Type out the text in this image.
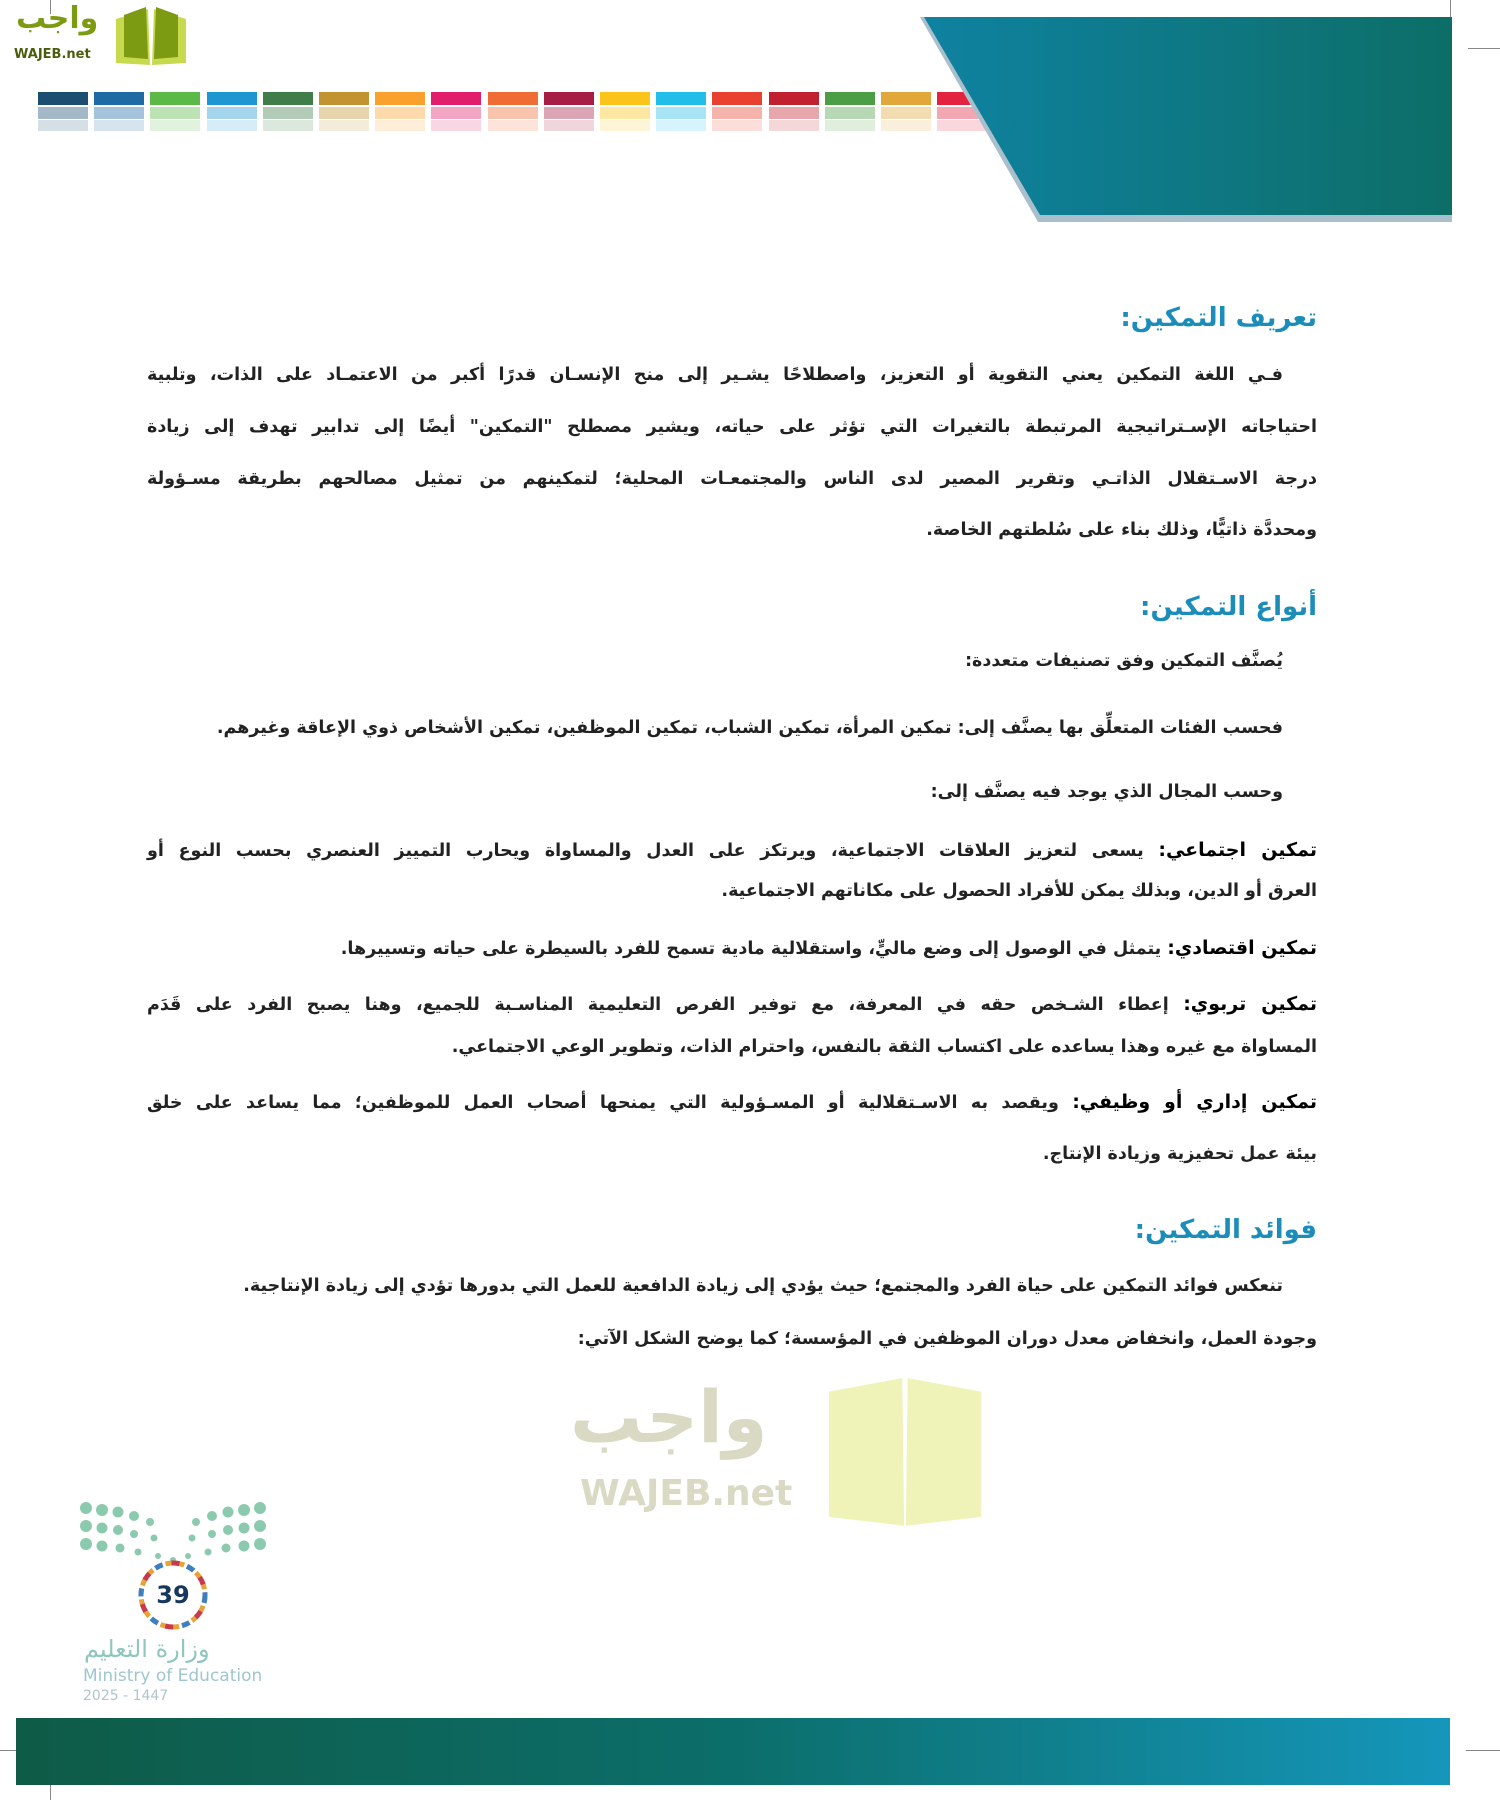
واجب
WAJEB.net
واجب
WAJEB.net
تعريف التمكين:
فـي اللغة التمكين يعني التقوية أو التعزيز، واصطلاحًا يشـير إلى منح الإنسـان قدرًا أكبر من الاعتمـاد على الذات، وتلبية
احتياجاته الإسـتراتيجية المرتبطة بالتغيرات التي تؤثر على حياته، ويشير مصطلح "التمكين" أيضًا إلى تدابير تهدف إلى زيادة
درجة الاسـتقلال الذاتـي وتقرير المصير لدى الناس والمجتمعـات المحلية؛ لتمكينهم من تمثيل مصالحهم بطريقة مسـؤولة
ومحددَّة ذاتيًّا، وذلك بناء على سُلطتهم الخاصة.
أنواع التمكين:
يُصنَّف التمكين وفق تصنيفات متعددة:
فحسب الفئات المتعلِّق بها يصنَّف إلى: تمكين المرأة، تمكين الشباب، تمكين الموظفين، تمكين الأشخاص ذوي الإعاقة وغيرهم.
وحسب المجال الذي يوجد فيه يصنَّف إلى:
تمكين اجتماعي: يسعى لتعزيز العلاقات الاجتماعية، ويرتكز على العدل والمساواة ويحارب التمييز العنصري بحسب النوع أو
العرق أو الدين، وبذلك يمكن للأفراد الحصول على مكاناتهم الاجتماعية.
تمكين اقتصادي: يتمثل في الوصول إلى وضع ماليٍّ، واستقلالية مادية تسمح للفرد بالسيطرة على حياته وتسييرها.
تمكين تربوي: إعطاء الشـخص حقه في المعرفة، مع توفير الفرص التعليمية المناسـبة للجميع، وهنا يصبح الفرد على قَدَم
المساواة مع غيره وهذا يساعده على اكتساب الثقة بالنفس، واحترام الذات، وتطوير الوعي الاجتماعي.
تمكين إداري أو وظيفي: ويقصد به الاسـتقلالية أو المسـؤولية التي يمنحها أصحاب العمل للموظفين؛ مما يساعد على خلق
بيئة عمل تحفيزية وزيادة الإنتاج.
فوائد التمكين:
تنعكس فوائد التمكين على حياة الفرد والمجتمع؛ حيث يؤدي إلى زيادة الدافعية للعمل التي بدورها تؤدي إلى زيادة الإنتاجية.
وجودة العمل، وانخفاض معدل دوران الموظفين في المؤسسة؛ كما يوضح الشكل الآتي:
39
وزارة التعليم
Ministry of Education
2025 - 1447
